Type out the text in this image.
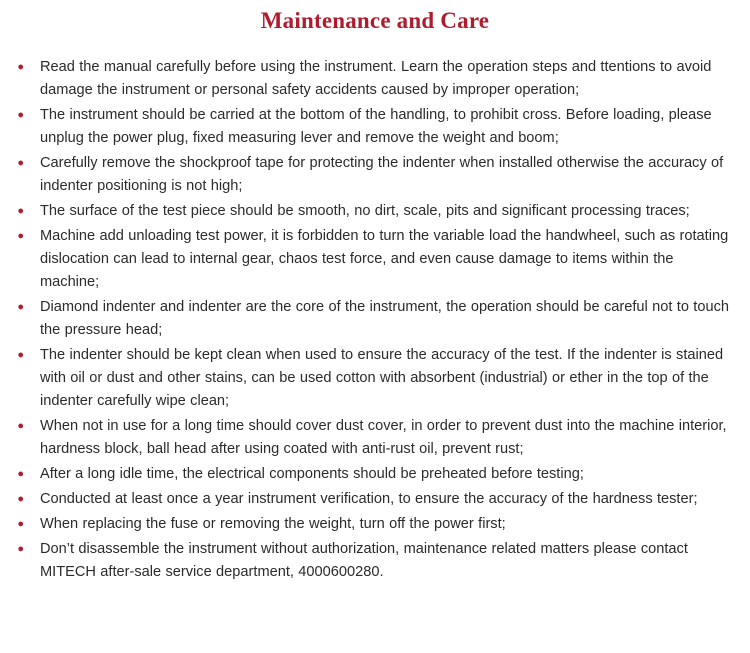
Maintenance and Care
●	Read the manual carefully before using the instrument. Learn the operation steps and ttentions to avoid damage the instrument or personal safety accidents caused by improper operation;
●	The instrument should be carried at the bottom of the handling, to prohibit cross. Before loading, please unplug the power plug, fixed measuring lever and remove the weight and boom;
●	Carefully remove the shockproof tape for protecting the indenter when installed otherwise the accuracy of indenter positioning is not high;
●	The surface of the test piece should be smooth, no dirt, scale, pits and significant processing traces;
●	Machine add unloading test power, it is forbidden to turn the variable load the handwheel, such as rotating dislocation can lead to internal gear, chaos test force, and even cause damage to items within the machine;
●	Diamond indenter and indenter are the core of the instrument, the operation should be careful not to touch the pressure head;
●	The indenter should be kept clean when used to ensure the accuracy of the test. If the indenter is stained with oil or dust and other stains, can be used cotton with absorbent (industrial) or ether in the top of the indenter carefully wipe clean;
●	When not in use for a long time should cover dust cover, in order to prevent dust into the machine interior, hardness block, ball head after using coated with anti-rust oil, prevent rust;
●	After a long idle time, the electrical components should be preheated before testing;
●	Conducted at least once a year instrument verification, to ensure the accuracy of the hardness tester;
●	When replacing the fuse or removing the weight, turn off the power first;
●	Don’t disassemble the instrument without authorization, maintenance related matters please contact MITECH after-sale service department, 4000600280.
